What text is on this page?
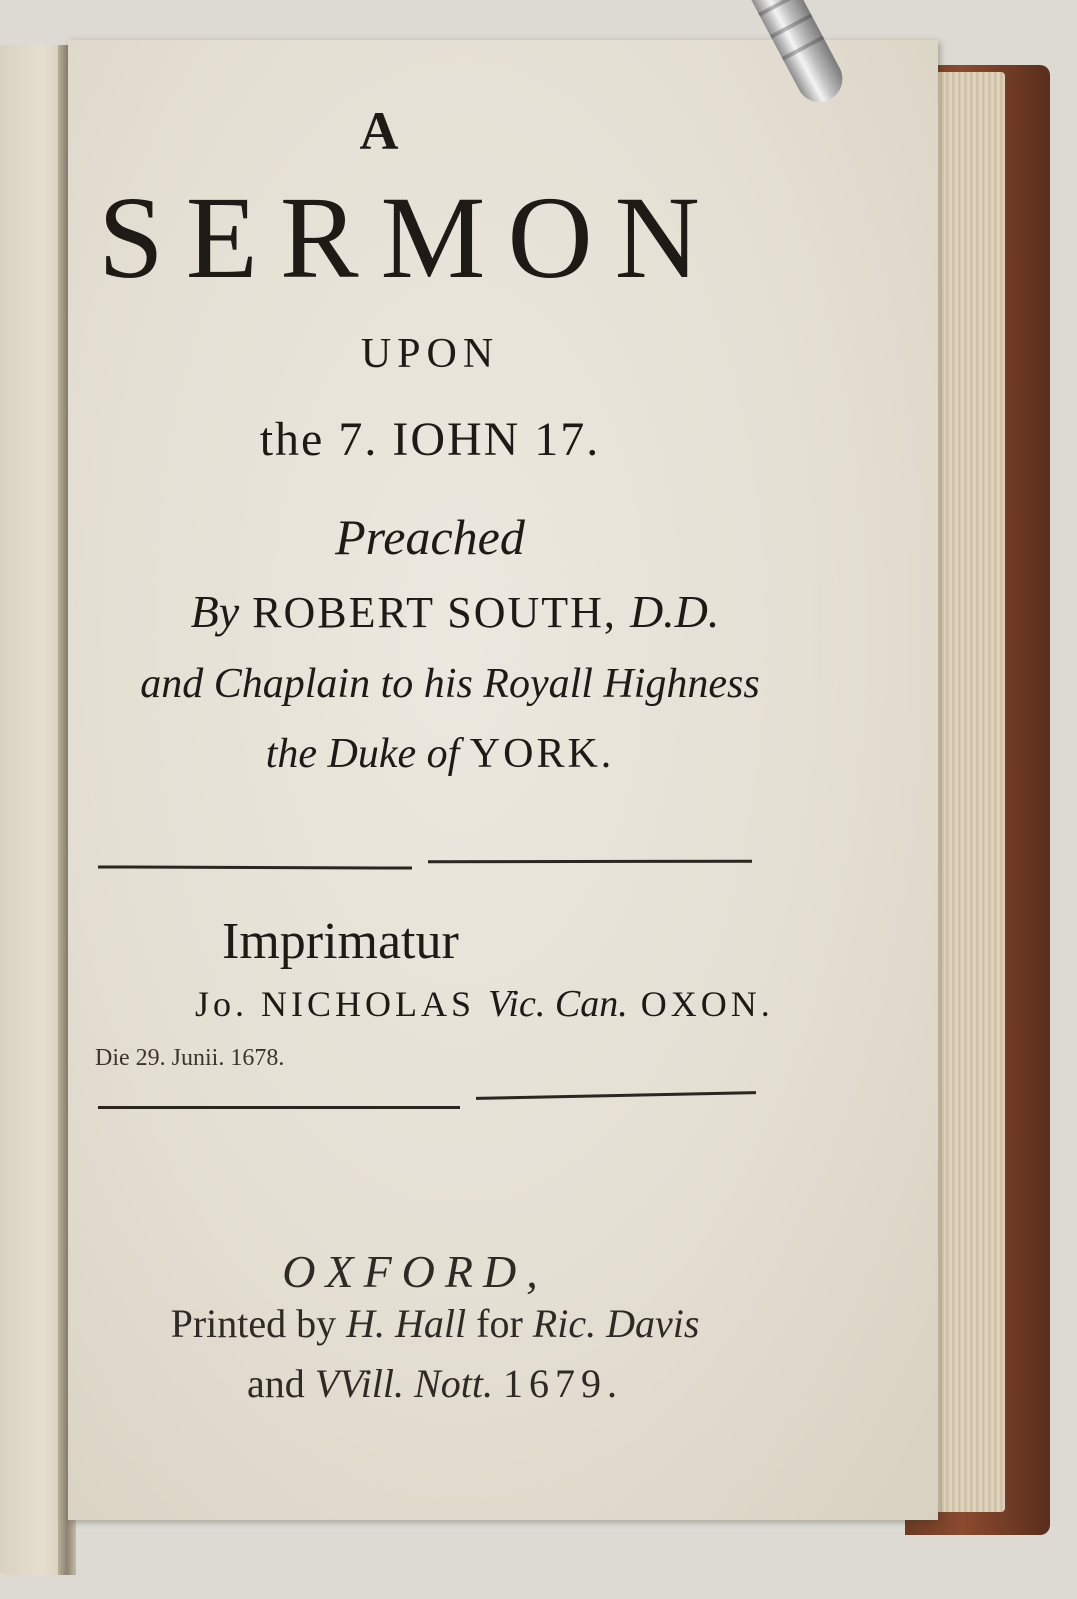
A

SERMON

UPON

the 7. IOHN 17.

Preached

By ROBERT SOUTH, D.D.

and Chaplain to his Royall Highness

the Duke of YORK.

Imprimatur

Jo. NICHOLAS Vic. Can. OXON.

Die 29. Junii. 1678.

OXFORD,

Printed by H. Hall for Ric. Davis

and VVill. Nott. 1679.
